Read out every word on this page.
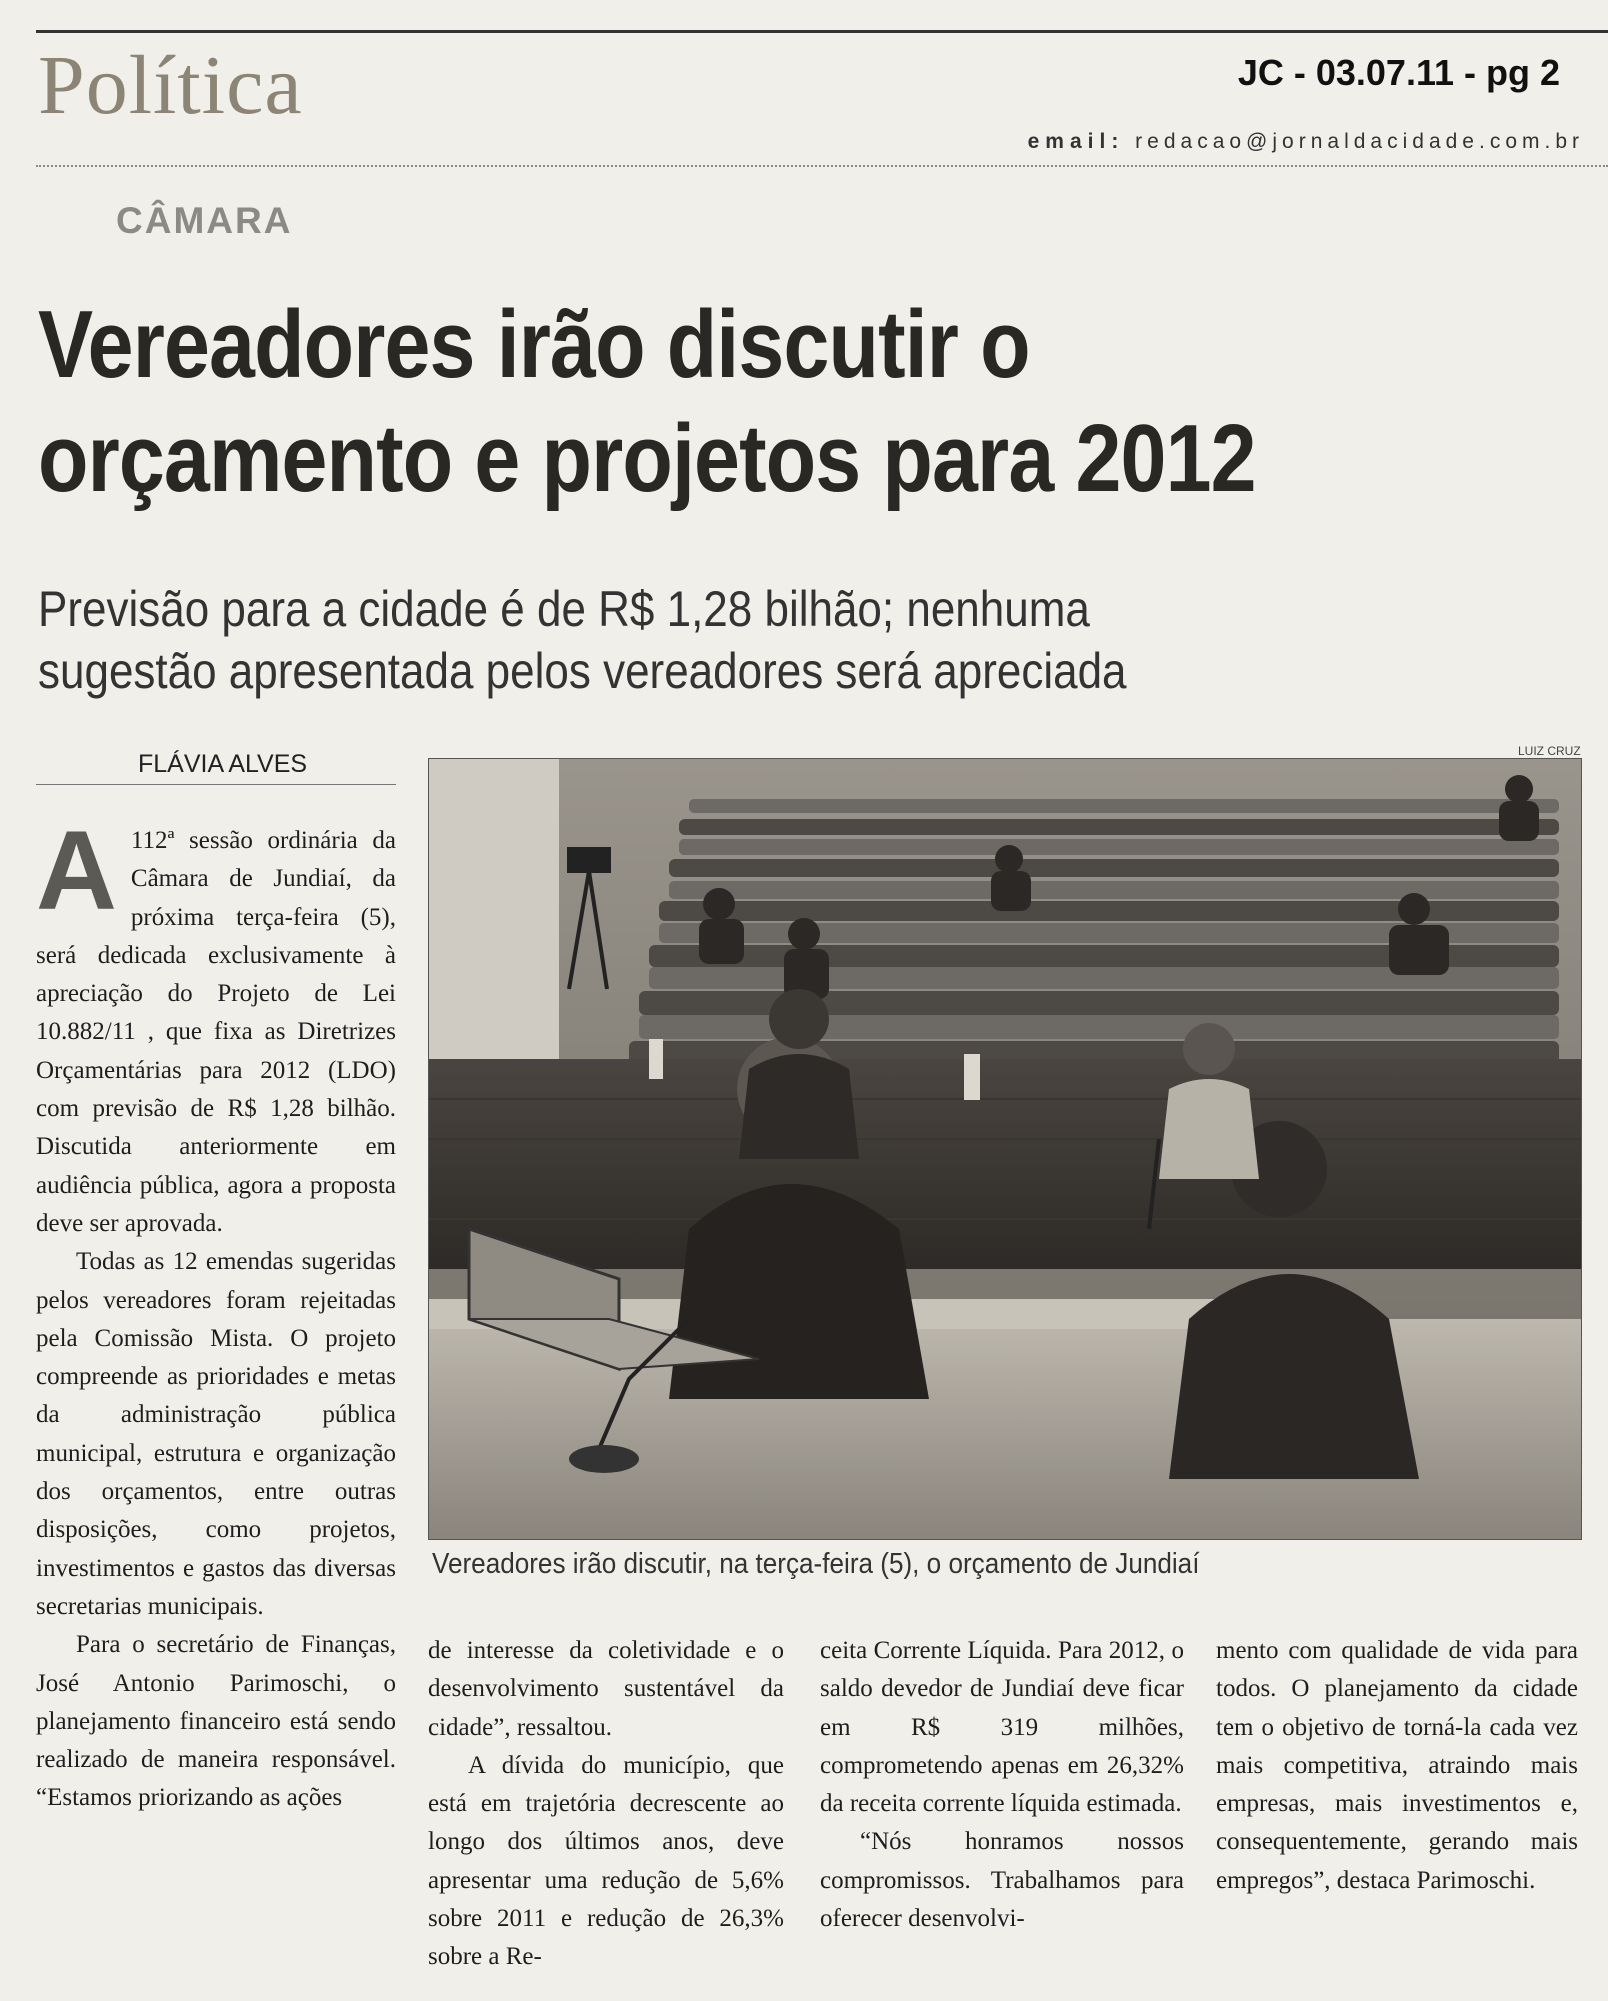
Política	JC - 03.07.11 - pg 2
email: redacao@jornaldacidade.com.br
CÂMARA
Vereadores irão discutir o
orçamento e projetos para 2012
Previsão para a cidade é de R$ 1,28 bilhão; nenhuma
sugestão apresentada pelos vereadores será apreciada
FLÁVIA ALVES	LUIZ CRUZ
Vereadores irão discutir, na terça-feira (5), o orçamento de Jundiaí
A 112ª sessão ordinária da Câmara de Jundiaí, da próxima terça-feira (5), será dedicada exclusivamente à apreciação do Projeto de Lei 10.882/11 , que fixa as Diretrizes Orçamentárias para 2012 (LDO) com previsão de R$ 1,28 bilhão. Discutida anteriormente em audiência pública, agora a proposta deve ser aprovada.

Todas as 12 emendas sugeridas pelos vereadores foram rejeitadas pela Comissão Mista. O projeto compreende as prioridades e metas da administração pública municipal, estrutura e organização dos orçamentos, entre outras disposições, como projetos, investimentos e gastos das diversas secretarias municipais.

Para o secretário de Finanças, José Antonio Parimoschi, o planejamento financeiro está sendo realizado de maneira responsável. “Estamos priorizando as ações

de interesse da coletividade e o desenvolvimento sustentável da cidade”, ressaltou.

A dívida do município, que está em trajetória decrescente ao longo dos últimos anos, deve apresentar uma redução de 5,6% sobre 2011 e redução de 26,3% sobre a Re-

ceita Corrente Líquida. Para 2012, o saldo devedor de Jundiaí deve ficar em R$ 319 milhões, comprometendo apenas em 26,32% da receita corrente líquida estimada.

“Nós honramos nossos compromissos. Trabalhamos para oferecer desenvolvi-

mento com qualidade de vida para todos. O planejamento da cidade tem o objetivo de torná-la cada vez mais competitiva, atraindo mais empresas, mais investimentos e, consequentemente, gerando mais empregos”, destaca Parimoschi.
